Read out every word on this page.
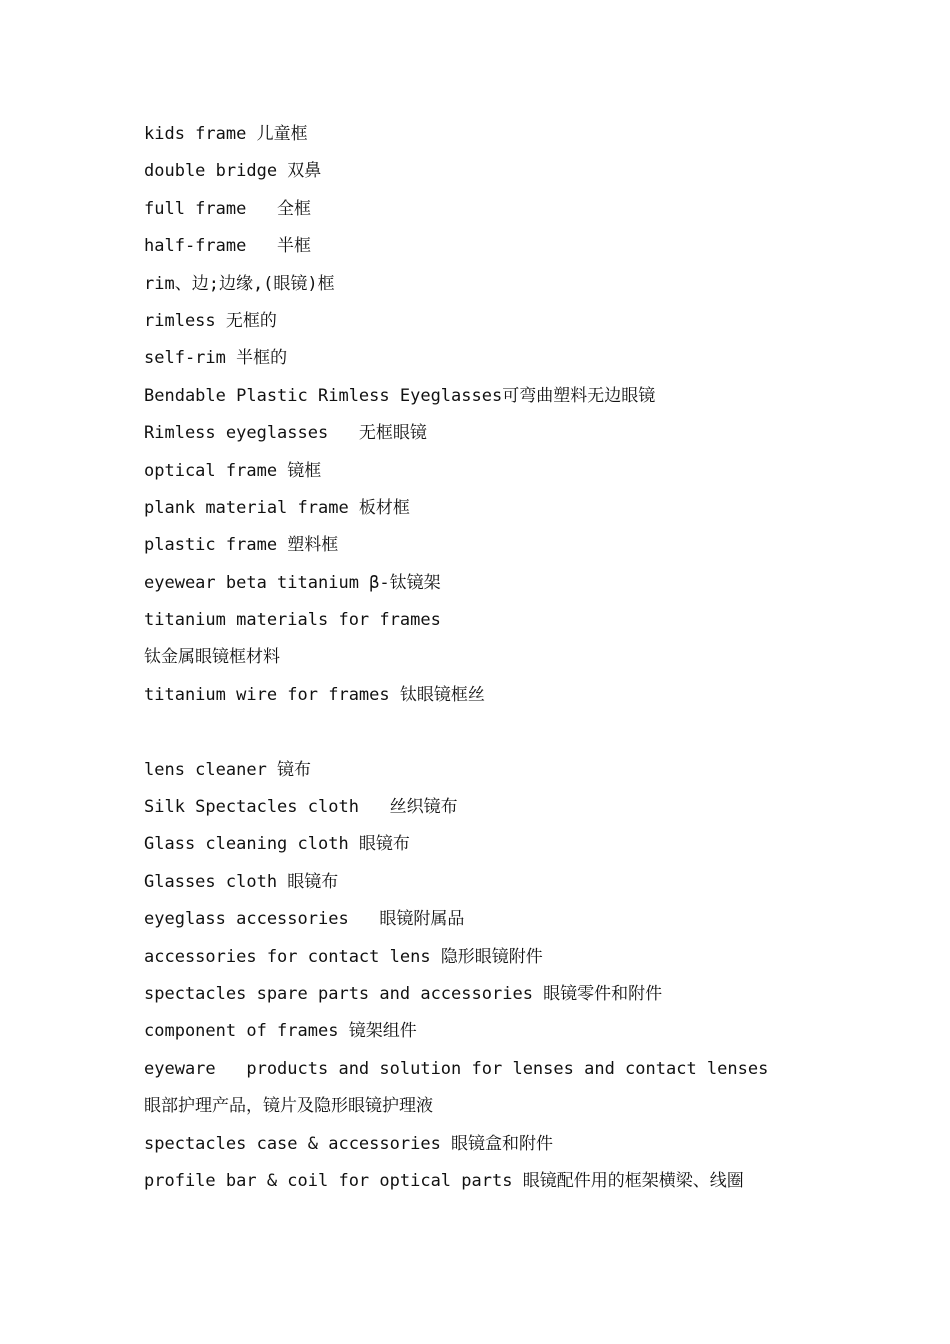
kids frame 儿童框
double bridge 双鼻
full frame   全框
half-frame   半框
rim、边;边缘,(眼镜)框
rimless 无框的
self-rim 半框的
Bendable Plastic Rimless Eyeglasses可弯曲塑料无边眼镜
Rimless eyeglasses   无框眼镜
optical frame 镜框
plank material frame 板材框
plastic frame 塑料框
eyewear beta titanium β-钛镜架
titanium materials for frames
钛金属眼镜框材料
titanium wire for frames 钛眼镜框丝
lens cleaner 镜布
Silk Spectacles cloth   丝织镜布
Glass cleaning cloth 眼镜布
Glasses cloth 眼镜布
eyeglass accessories   眼镜附属品
accessories for contact lens 隐形眼镜附件
spectacles spare parts and accessories 眼镜零件和附件
component of frames 镜架组件
eyeware   products and solution for lenses and contact lenses
眼部护理产品，镜片及隐形眼镜护理液
spectacles case & accessories 眼镜盒和附件
profile bar & coil for optical parts 眼镜配件用的框架横梁、线圈
